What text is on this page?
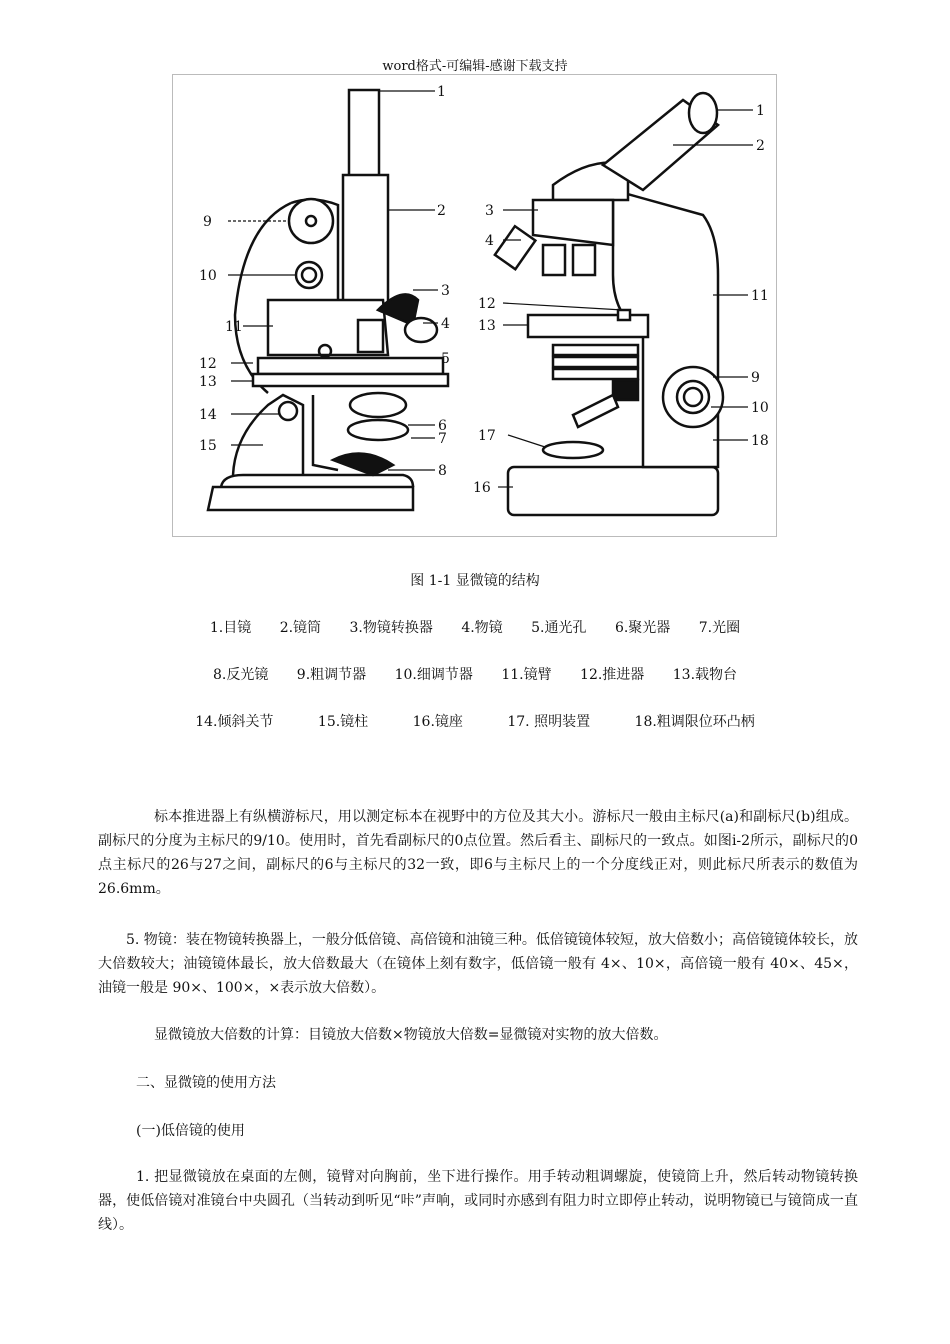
word格式-可编辑-感谢下载支持
1
2
3
4
5
6
7
8
9
10
11
12
13
14
15
1
2
3
4
9
10
11
12
13
16
17	18
图 1-1 显微镜的结构
1.目镜 2.镜筒 3.物镜转换器 4.物镜 5.通光孔 6.聚光器 7.光圈
8.反光镜 9.粗调节器 10.细调节器 11.镜臂 12.推进器 13.载物台
14.倾斜关节	15.镜柱	16.镜座	17. 照明装置	18.粗调限位环凸柄
标本推进器上有纵横游标尺，用以测定标本在视野中的方位及其大小。游标尺一般由主标尺(a)和副标尺(b)组成。副标尺的分度为主标尺的9/10。使用时，首先看副标尺的0点位置。然后看主、副标尺的一致点。如图i-2所示，副标尺的0点主标尺的26与27之间，副标尺的6与主标尺的32一致，即6与主标尺上的一个分度线正对，则此标尺所表示的数值为26.6mm。
5. 物镜：装在物镜转换器上，一般分低倍镜、高倍镜和油镜三种。低倍镜镜体较短，放大倍数小；高倍镜镜体较长，放大倍数较大；油镜镜体最长，放大倍数最大（在镜体上刻有数字，低倍镜一般有 4×、10×，高倍镜一般有 40×、45×，油镜一般是 90×、100×，×表示放大倍数）。
显微镜放大倍数的计算：目镜放大倍数×物镜放大倍数=显微镜对实物的放大倍数。
二、显微镜的使用方法
(一)低倍镜的使用
1. 把显微镜放在桌面的左侧，镜臂对向胸前，坐下进行操作。用手转动粗调螺旋，使镜筒上升，然后转动物镜转换器，使低倍镜对准镜台中央圆孔（当转动到听见“咔”声响，或同时亦感到有阻力时立即停止转动，说明物镜已与镜筒成一直线）。
